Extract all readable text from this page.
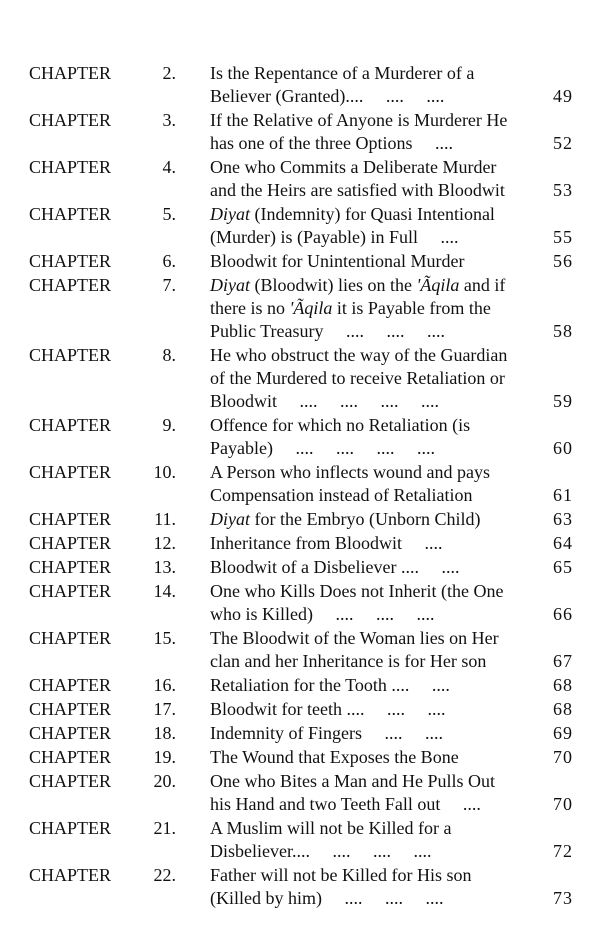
CHAPTER	2. Is the Repentance of a Murderer of a
Believer (Granted)....     ....     ....	49
CHAPTER	3. If the Relative of Anyone is Murderer He
has one of the three Options     ....	52
CHAPTER	4. One who Commits a Deliberate Murder
and the Heirs are satisfied with Bloodwit	53
CHAPTER	5. Diyat (Indemnity) for Quasi Intentional
(Murder) is (Payable) in Full     ....	55
CHAPTER	6. Bloodwit for Unintentional Murder	56
CHAPTER	7. Diyat (Bloodwit) lies on the 'Ãqila and if
there is no 'Ãqila it is Payable from the
Public Treasury     ....     ....     ....	58
CHAPTER	8. He who obstruct the way of the Guardian
of the Murdered to receive Retaliation or
Bloodwit     ....     ....     ....     ....	59
CHAPTER	9. Offence for which no Retaliation (is
Payable)     ....     ....     ....     ....	60
CHAPTER	10. A Person who inflects wound and pays
Compensation instead of Retaliation	61
CHAPTER	11. Diyat for the Embryo (Unborn Child)	63
CHAPTER	12. Inheritance from Bloodwit     ....	64
CHAPTER	13. Bloodwit of a Disbeliever ....     ....	65
CHAPTER	14. One who Kills Does not Inherit (the One
who is Killed)     ....     ....     ....	66
CHAPTER	15. The Bloodwit of the Woman lies on Her
clan and her Inheritance is for Her son	67
CHAPTER	16. Retaliation for the Tooth ....     ....	68
CHAPTER	17. Bloodwit for teeth ....     ....     ....	68
CHAPTER	18. Indemnity of Fingers     ....     ....	69
CHAPTER	19. The Wound that Exposes the Bone	70
CHAPTER	20. One who Bites a Man and He Pulls Out
his Hand and two Teeth Fall out     ....	70
CHAPTER	21. A Muslim will not be Killed for a
Disbeliever....     ....     ....     ....	72
CHAPTER	22. Father will not be Killed for His son
(Killed by him)     ....     ....     ....	73
